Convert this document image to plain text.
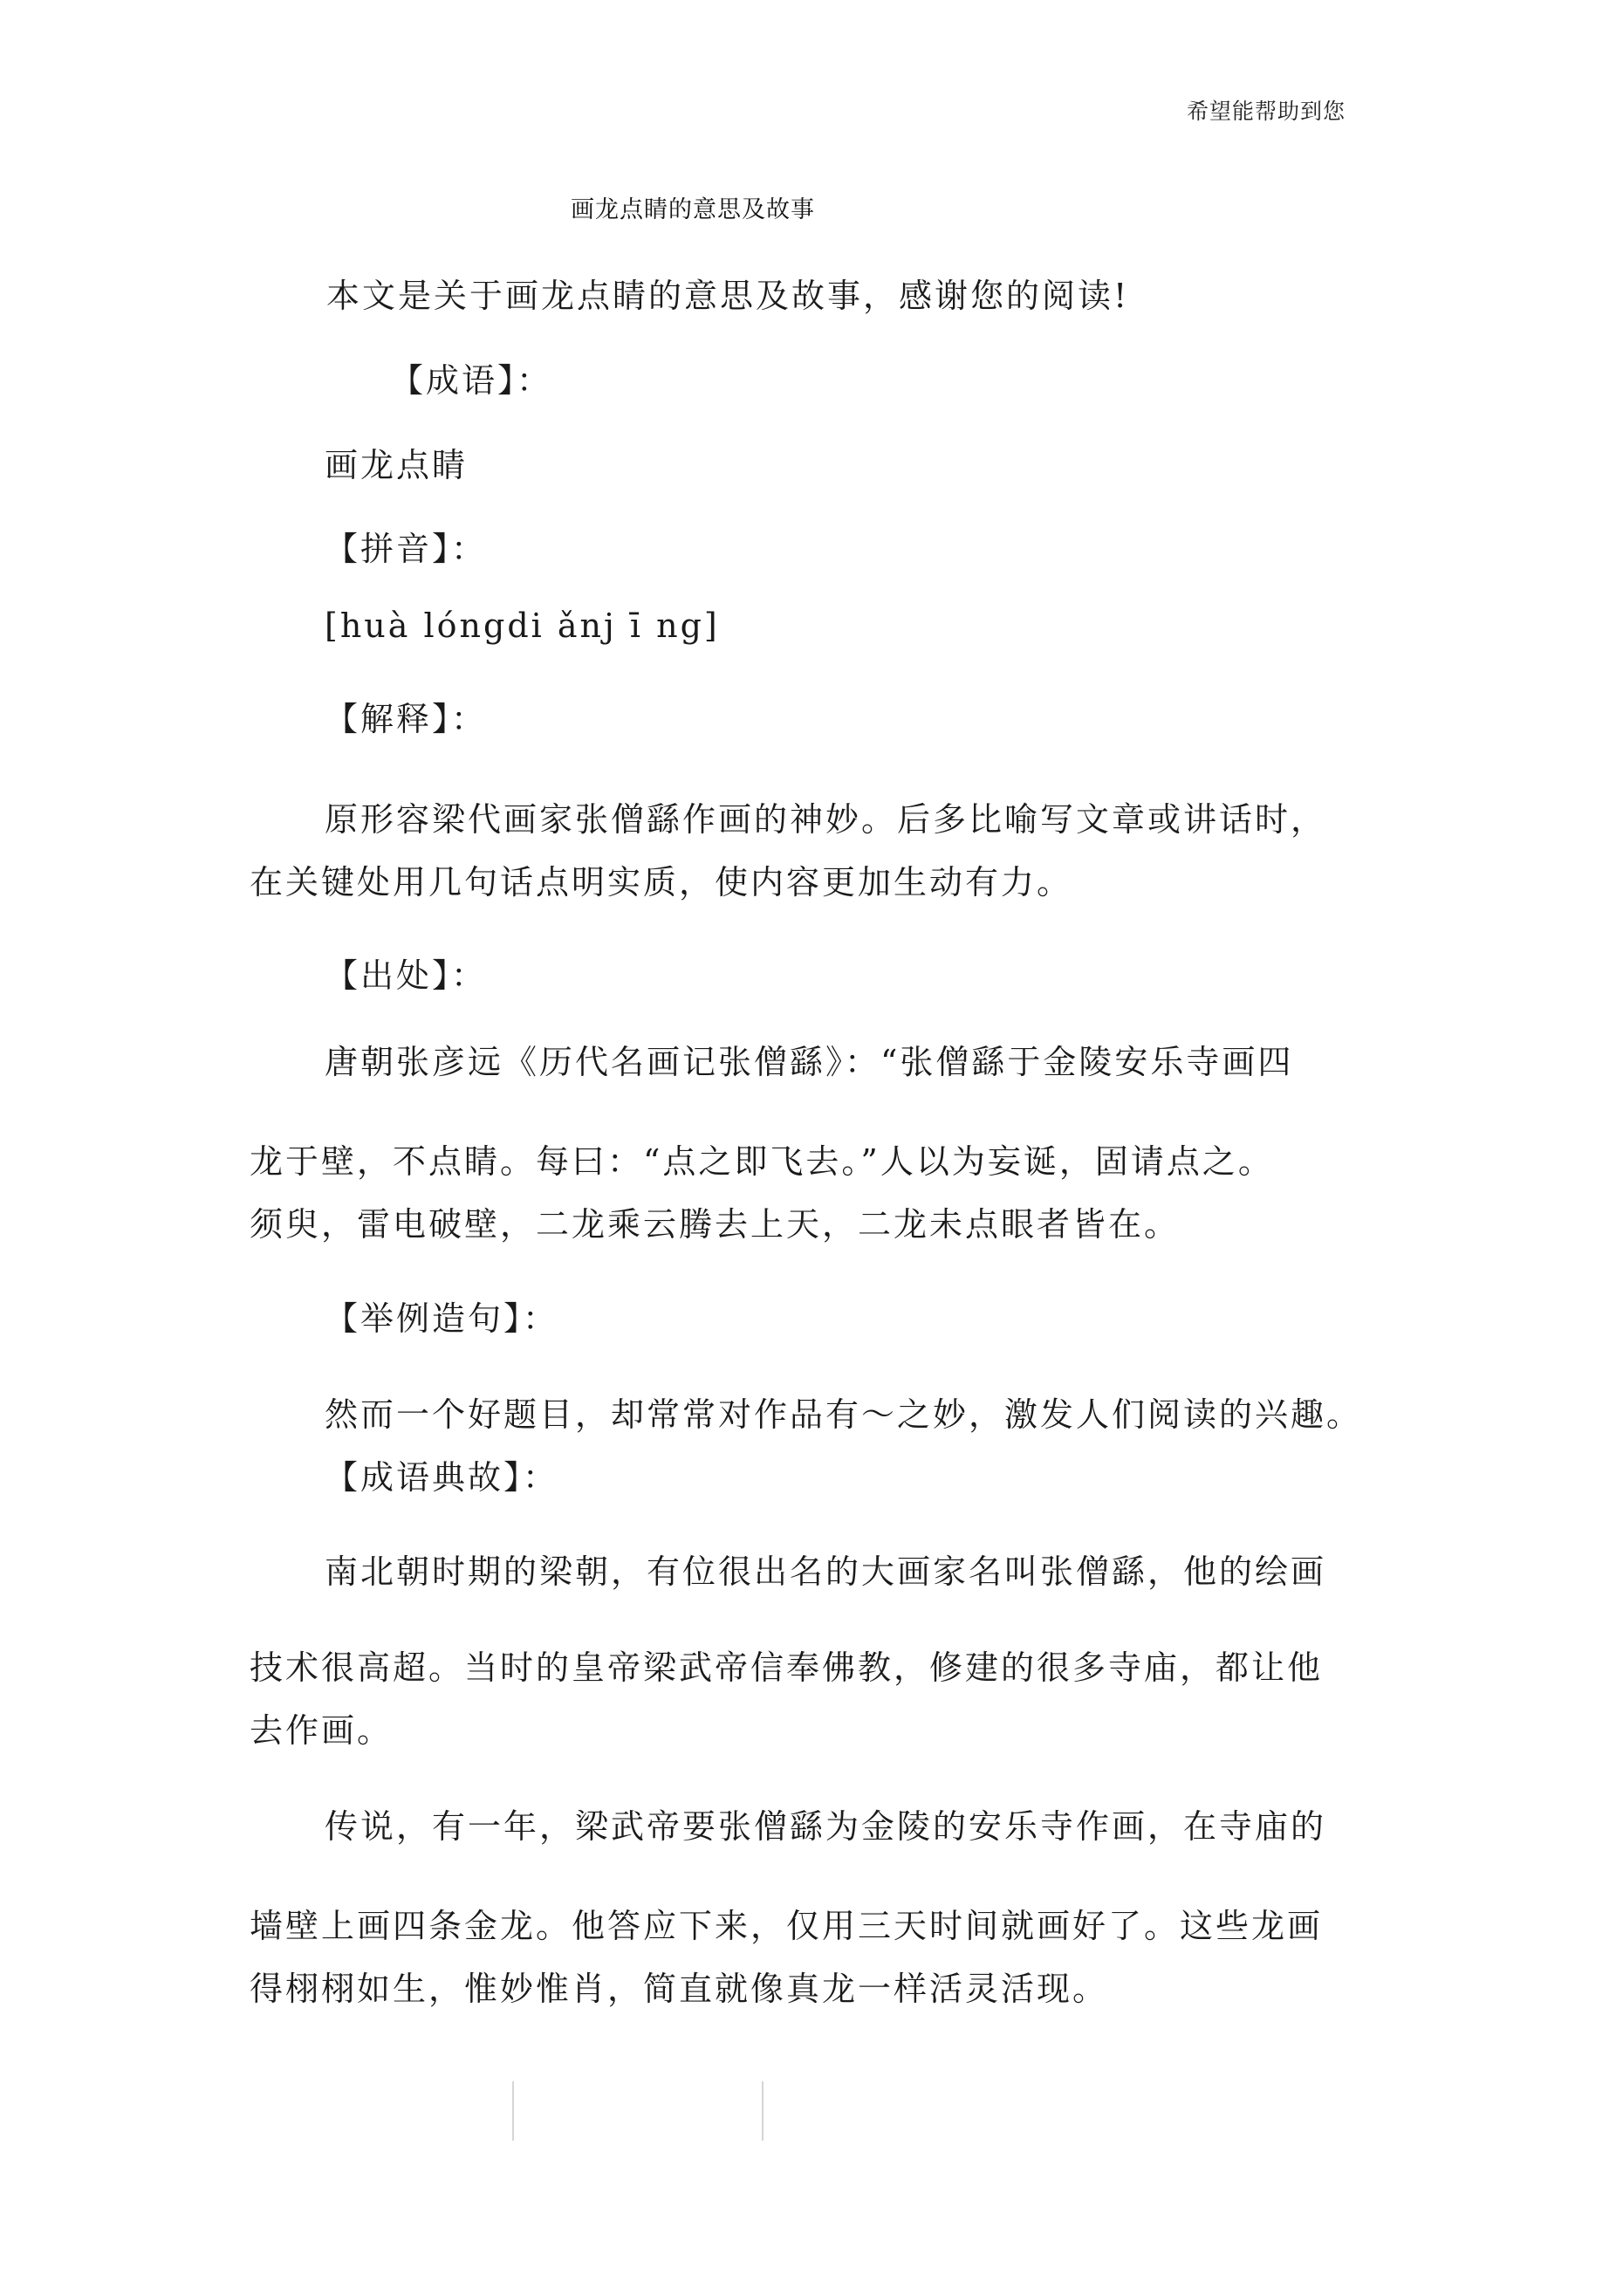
希望能帮助到您
画龙点睛的意思及故事
本文是关于画龙点睛的意思及故事，感谢您的阅读!
【成语】：
画龙点睛
【拼音】：
[huà lóngdi ǎnj ī ng]
【解释】：
原形容梁代画家张僧繇作画的神妙。后多比喻写文章或讲话时，
在关键处用几句话点明实质，使内容更加生动有力。
【出处】：
唐朝张彦远《历代名画记张僧繇》：“张僧繇于金陵安乐寺画四
龙于壁，不点睛。每曰：“点之即飞去。”人以为妄诞，固请点之。
须臾，雷电破壁，二龙乘云腾去上天，二龙未点眼者皆在。
【举例造句】：
然而一个好题目，却常常对作品有～之妙，激发人们阅读的兴趣。
【成语典故】：
南北朝时期的梁朝，有位很出名的大画家名叫张僧繇，他的绘画
技术很高超。当时的皇帝梁武帝信奉佛教，修建的很多寺庙，都让他
去作画。
传说，有一年，梁武帝要张僧繇为金陵的安乐寺作画，在寺庙的
墙壁上画四条金龙。他答应下来，仅用三天时间就画好了。这些龙画
得栩栩如生，惟妙惟肖，简直就像真龙一样活灵活现。
